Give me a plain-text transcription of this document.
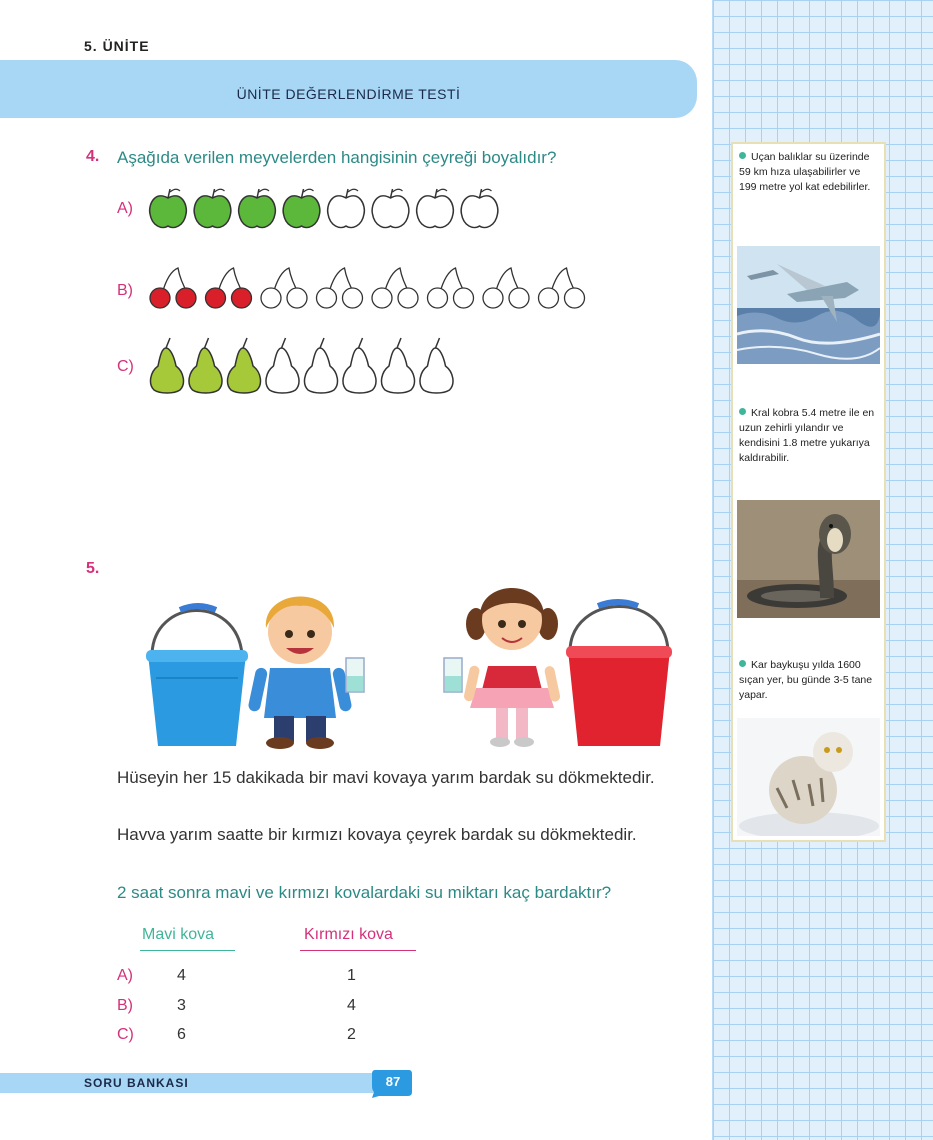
5. ÜNİTE
ÜNİTE DEĞERLENDİRME TESTİ
4. Aşağıda verilen meyvelerden hangisinin çeyreği boyalıdır?
A)
B)
C)
5.
Hüseyin her 15 dakikada bir mavi kovaya yarım bardak su dökmektedir.
Havva yarım saatte bir kırmızı kovaya çeyrek bardak su dökmektedir.
2 saat sonra mavi ve kırmızı kovalardaki su miktarı kaç bardaktır?
Mavi kova	Kırmızı kova
A)	4	1
B)	3	4
C)	6	2
SORU BANKASI	87
Uçan balıklar su üzerinde 59 km hıza ulaşabilirler ve 199 metre yol kat edebilirler.
Kral kobra 5.4 metre ile en uzun zehirli yılandır ve kendisini 1.8 metre yukarıya kaldırabilir.
Kar baykuşu yılda 1600 sıçan yer, bu günde 3-5 tane yapar.
